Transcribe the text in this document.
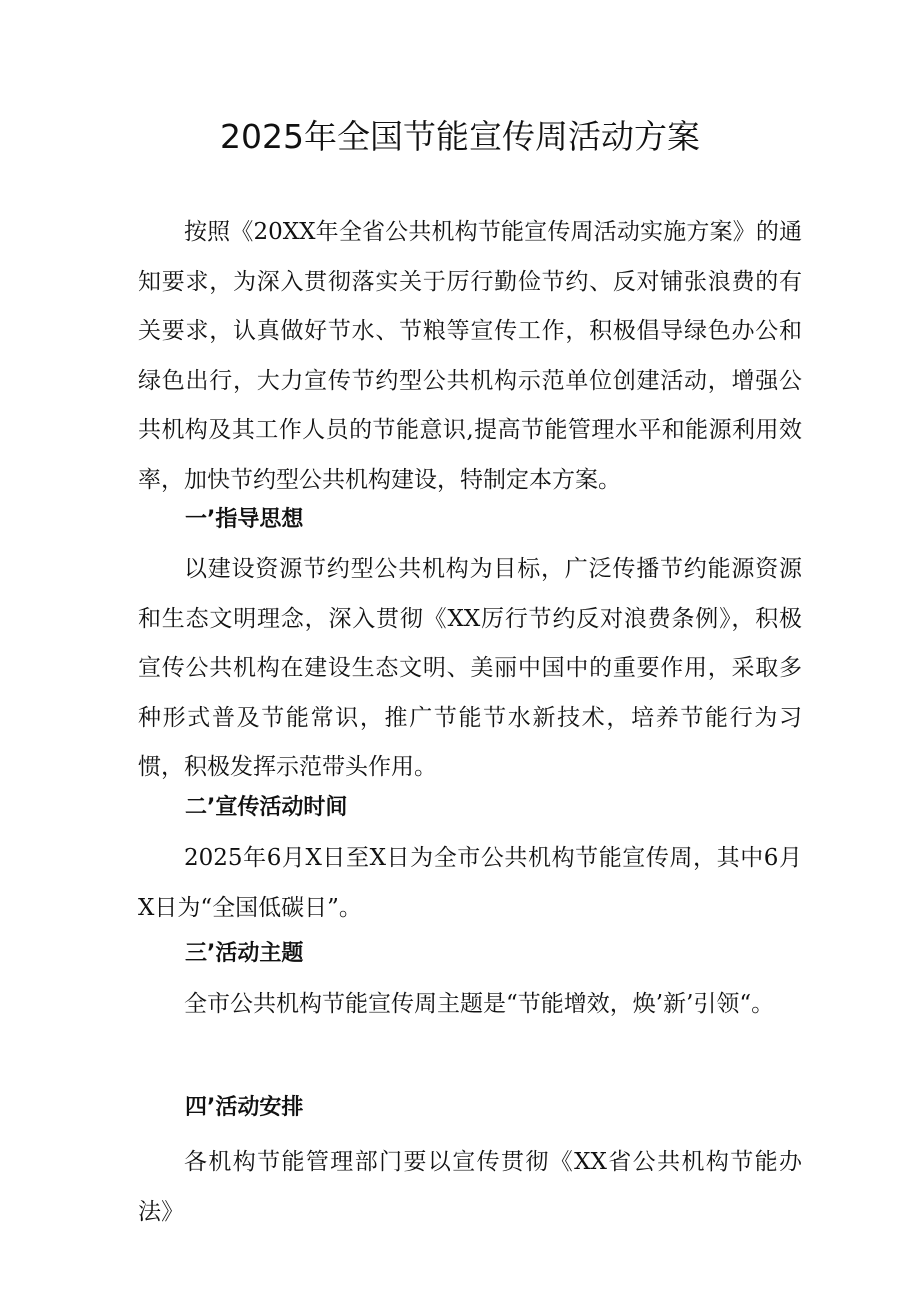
2025年全国节能宣传周活动方案

按照《20XX年全省公共机构节能宣传周活动实施方案》的通知要求，为深入贯彻落实关于厉行勤俭节约、反对铺张浪费的有关要求，认真做好节水、节粮等宣传工作，积极倡导绿色办公和绿色出行，大力宣传节约型公共机构示范单位创建活动，增强公共机构及其工作人员的节能意识,提高节能管理水平和能源利用效率，加快节约型公共机构建设，特制定本方案。

一’指导思想

以建设资源节约型公共机构为目标，广泛传播节约能源资源和生态文明理念，深入贯彻《XX厉行节约反对浪费条例》，积极宣传公共机构在建设生态文明、美丽中国中的重要作用，采取多种形式普及节能常识，推广节能节水新技术，培养节能行为习惯，积极发挥示范带头作用。

二’宣传活动时间

2025年6月X日至X日为全市公共机构节能宣传周，其中6月X日为“全国低碳日”。

三’活动主题

全市公共机构节能宣传周主题是“节能增效，焕’新’引领“。

四’活动安排

各机构节能管理部门要以宣传贯彻《XX省公共机构节能办法》
